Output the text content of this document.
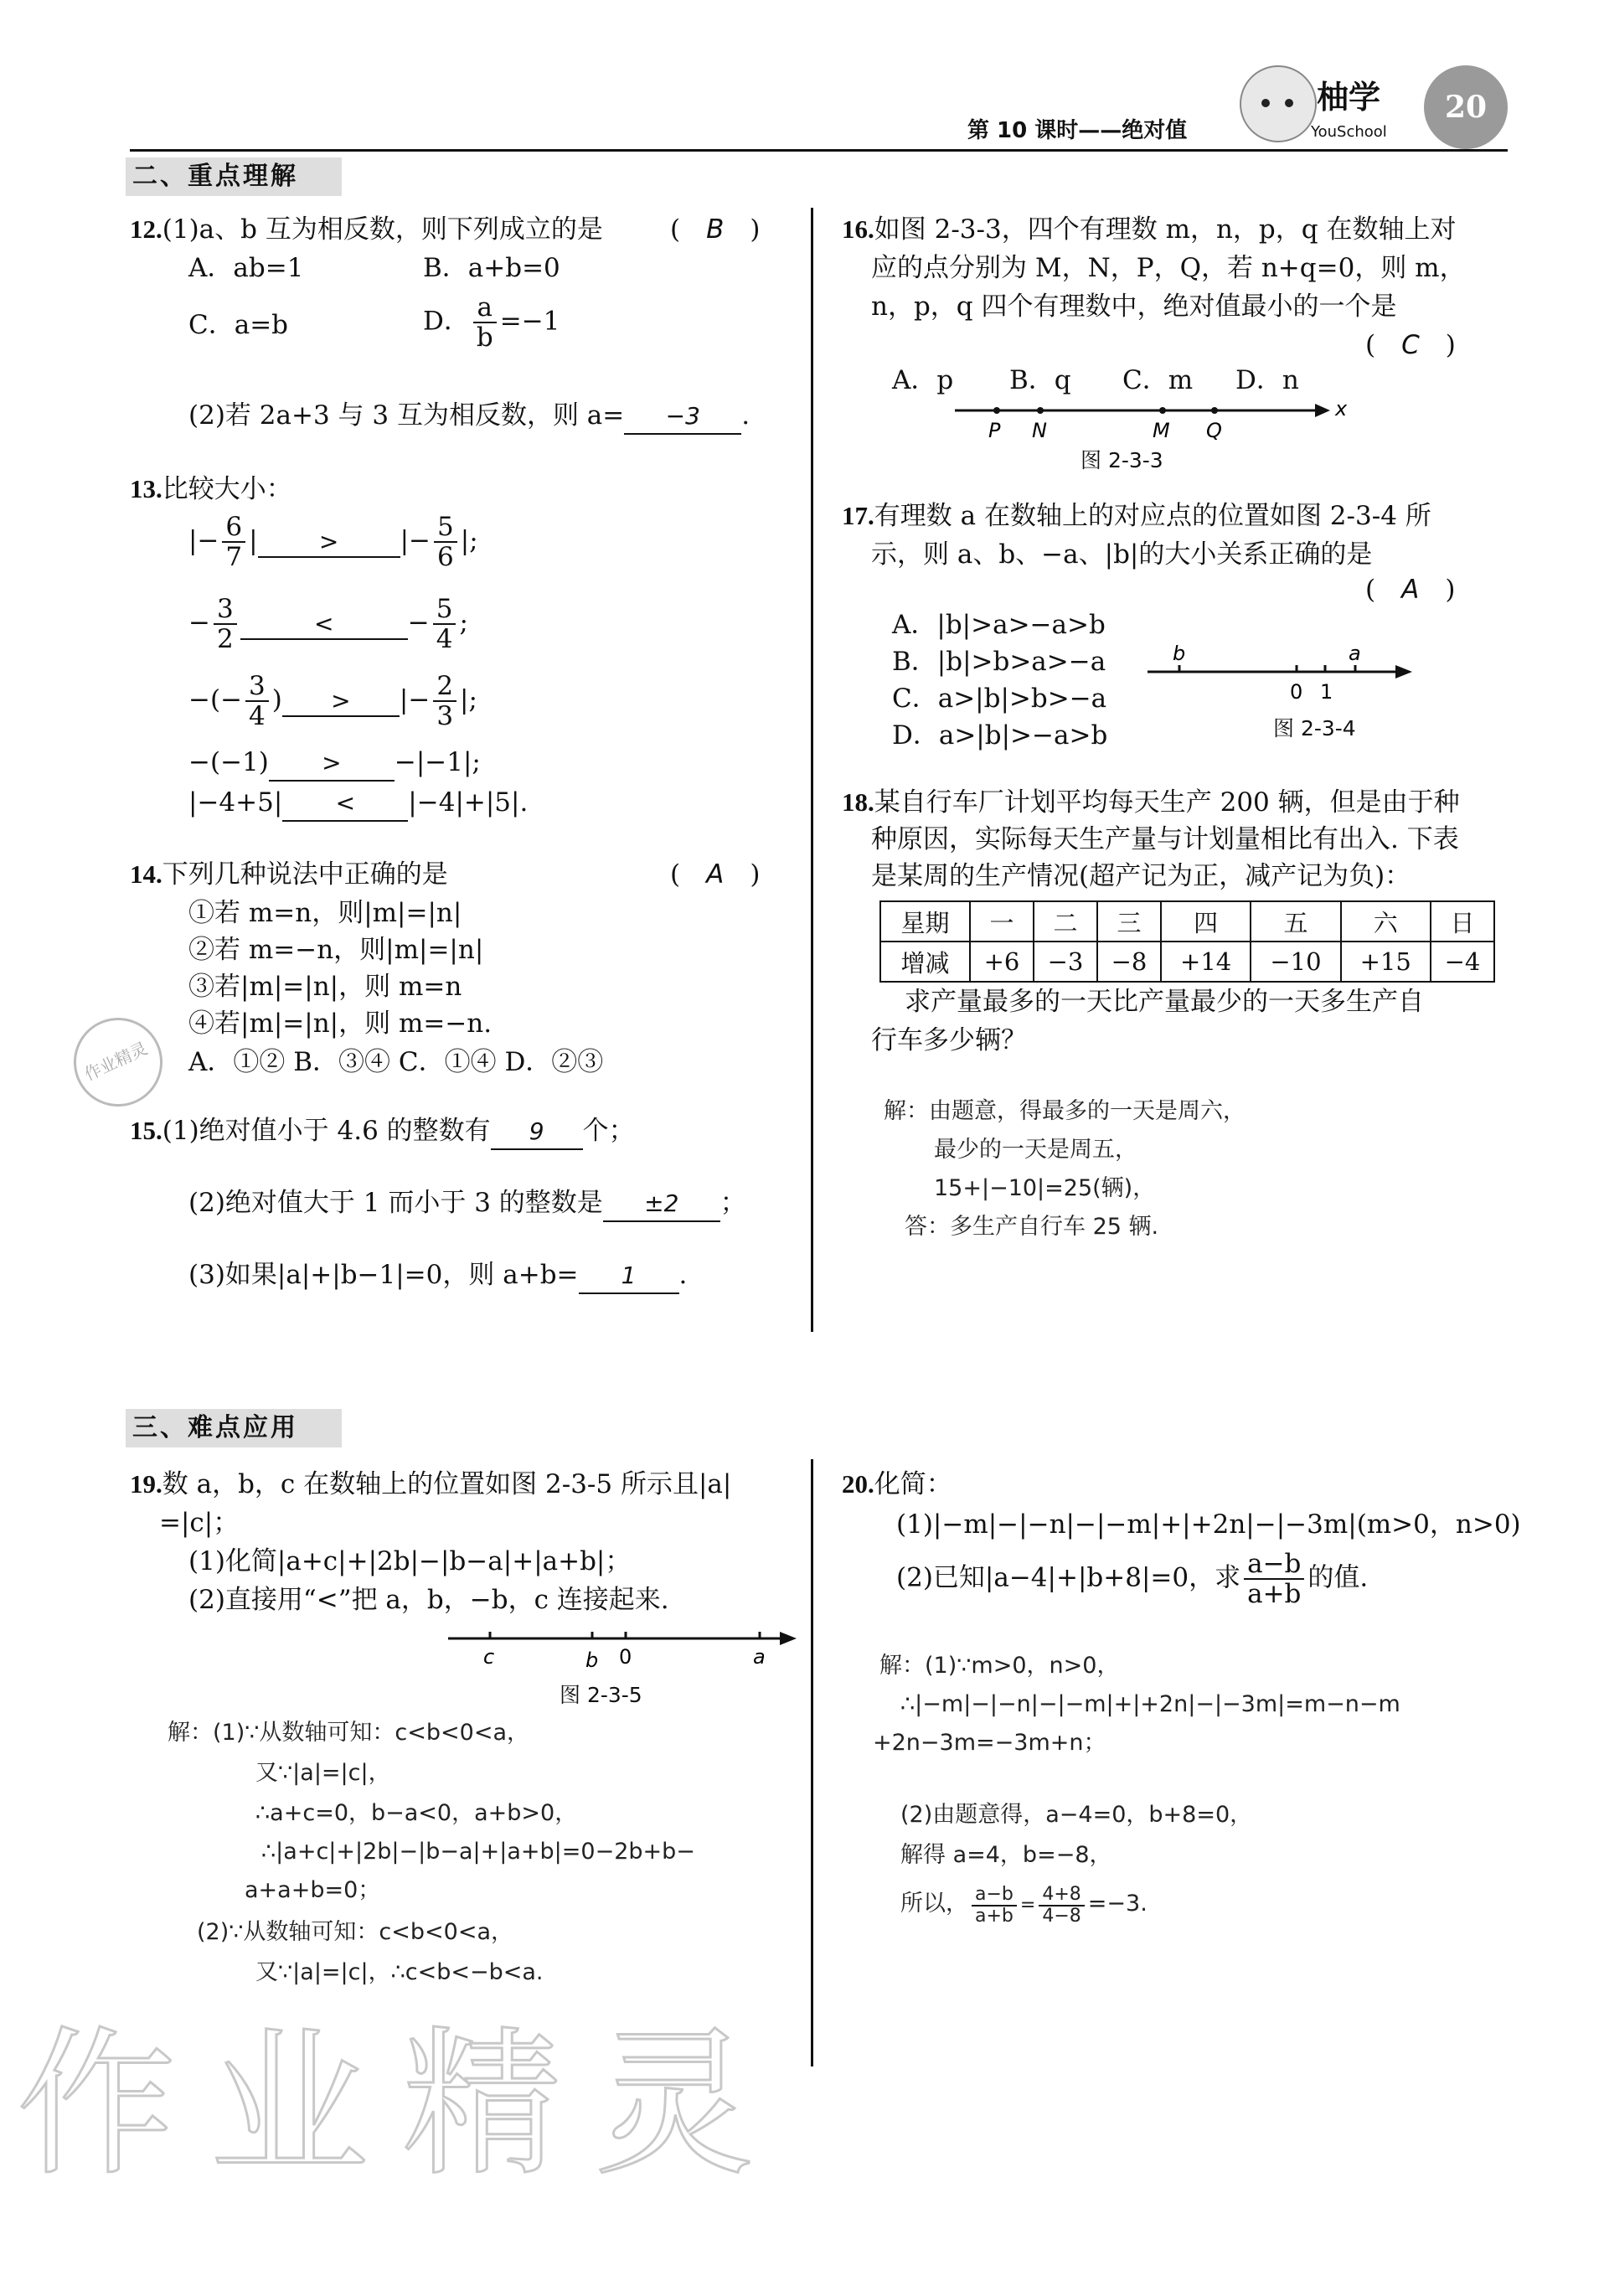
第 10 课时——绝对值
柚学
YouSchool
20
二、重点理解
12.(1)a、b 互为相反数，则下列成立的是	(　B　)
A．ab=1	B．a+b=0
C．a=b	D． $\frac{a}{b} =-1$
(2)若 2a+3 与 3 互为相反数，则 a= −3 .
13.比较大小：
|− $\frac{6}{7}$ |	> |− $\frac{5}{6}$ |;
− $\frac{3}{2}$	<	− $\frac{5}{4}$ ;
−(− $\frac{3}{4}$ ) > |− $\frac{2}{3}$ |;
−(−1) > −|−1|;
|−4+5| < |−4|+|5|.
14.下列几种说法中正确的是	(　A　)
①若 m=n，则|m|=|n|
②若 m=−n，则|m|=|n|
③若|m|=|n|，则 m=n
④若|m|=|n|，则 m=−n.
A．①② B．③④ C．①④ D．②③
作业精灵
15.(1)绝对值小于 4.6 的整数有 9 个；
(2)绝对值大于 1 而小于 3 的整数是 ±2 ；
(3)如果|a|+|b−1|=0，则 a+b= 1 .
16.如图 2-3-3，四个有理数 m，n，p，q 在数轴上对
应的点分别为 M，N，P，Q，若 n+q=0，则 m，
n，p，q 四个有理数中，绝对值最小的一个是
(　C　)
A．p B．q C．m D．n
P N	M Q
x
图 2-3-3
17.有理数 a 在数轴上的对应点的位置如图 2-3-4 所
示，则 a、b、−a、|b|的大小关系正确的是
(　A　)
A．|b|>a>−a>b
B．|b|>b>a>−a
C．a>|b|>b>−a
D．a>|b|>−a>b
b
0 1
a
图 2-3-4
18.某自行车厂计划平均每天生产 200 辆，但是由于种
种原因，实际每天生产量与计划量相比有出入. 下表
是某周的生产情况(超产记为正，减产记为负)：
星期	一	二	三	四	五	六	日
增减	+6	−3	−8	+14	−10	+15	−4
求产量最多的一天比产量最少的一天多生产自
行车多少辆？
解：由题意，得最多的一天是周六，
最少的一天是周五，
15+|−10|=25(辆)，
答：多生产自行车 25 辆.
三、难点应用
19.数 a，b，c 在数轴上的位置如图 2-3-5 所示且|a|
=|c|；
(1)化简|a+c|+|2b|−|b−a|+|a+b|；
(2)直接用“<”把 a，b，−b，c 连接起来.
c	b 0	a
图 2-3-5
解：(1)∵从数轴可知：c<b<0<a，
又∵|a|=|c|，
∴a+c=0，b−a<0，a+b>0，
∴|a+c|+|2b|−|b−a|+|a+b|=0−2b+b−
a+a+b=0；
(2)∵从数轴可知：c<b<0<a，
又∵|a|=|c|，∴c<b<−b<a.
20.化简：
(1)|−m|−|−n|−|−m|+|+2n|−|−3m|(m>0，n>0)
(2)已知|a−4|+|b+8|=0，求 $\frac{a-b}{a+b}$ 的值.
解：(1)∵m>0，n>0，
∴|−m|−|−n|−|−m|+|+2n|−|−3m|=m−n−m
+2n−3m=−3m+n；
(2)由题意得，a−4=0，b+8=0，
解得 a=4，b=−8，
所以， $\frac{a-b}{a+b} = \frac{4+8}{4-8} =-3$.
作业精灵
